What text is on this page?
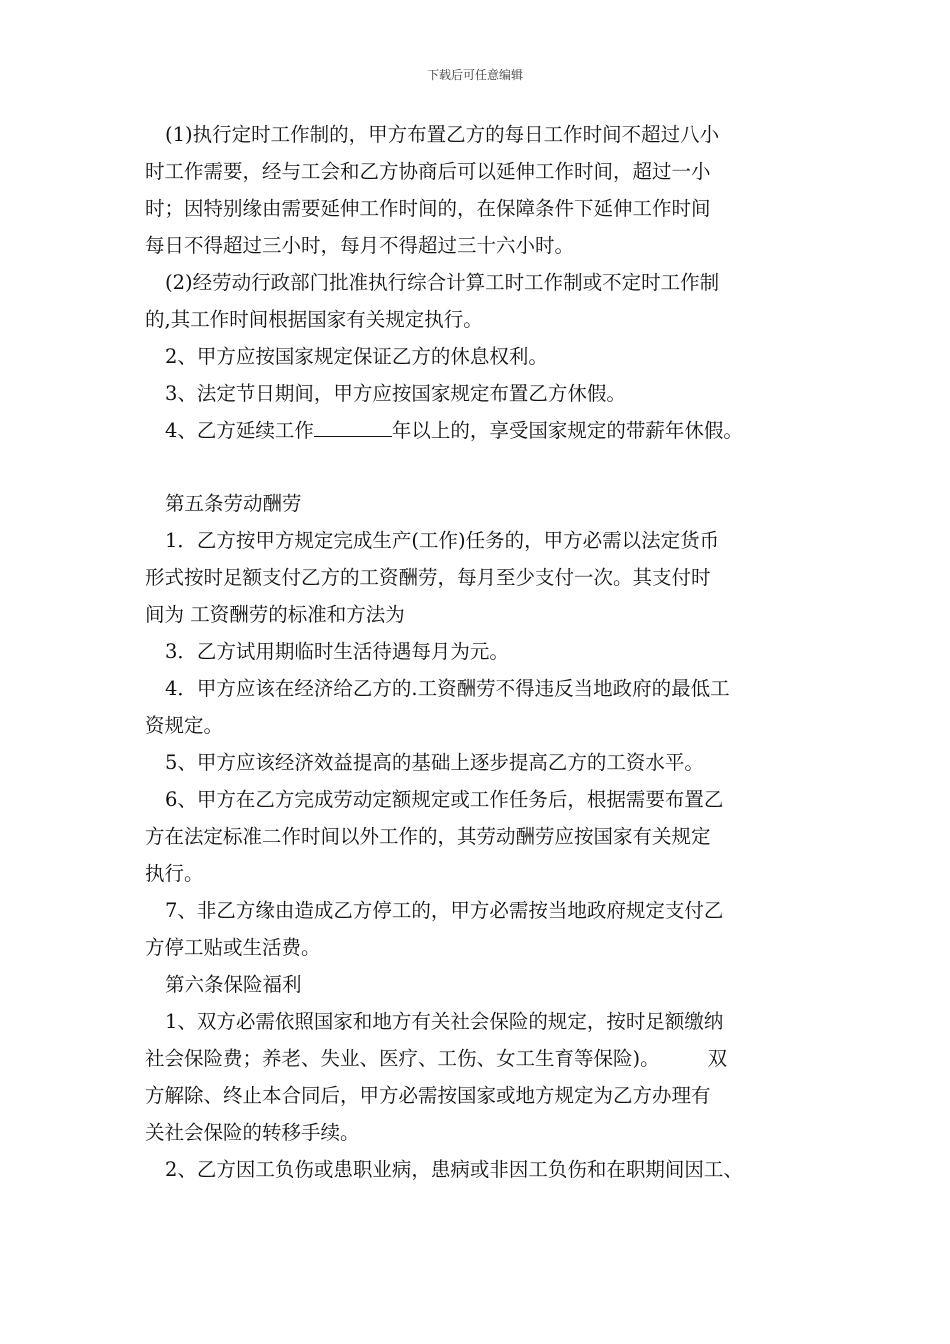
下载后可任意编辑
(1)执行定时工作制的，甲方布置乙方的每日工作时间不超过八小
时工作需要，经与工会和乙方协商后可以延伸工作时间，超过一小
时；因特别缘由需要延伸工作时间的，在保障条件下延伸工作时间
每日不得超过三小时，每月不得超过三十六小时。
(2)经劳动行政部门批准执行综合计算工时工作制或不定时工作制
的,其工作时间根据国家有关规定执行。
2、甲方应按国家规定保证乙方的休息权利。
3、法定节日期间，甲方应按国家规定布置乙方休假。
4、乙方延续工作	年以上的，享受国家规定的带薪年休假。
第五条劳动酬劳
1．乙方按甲方规定完成生产(工作)任务的，甲方必需以法定货币
形式按时足额支付乙方的工资酬劳，每月至少支付一次。其支付时
间为 工资酬劳的标准和方法为
3．乙方试用期临时生活待遇每月为元。
4．甲方应该在经济给乙方的.工资酬劳不得违反当地政府的最低工
资规定。
5、甲方应该经济效益提高的基础上逐步提高乙方的工资水平。
6、甲方在乙方完成劳动定额规定或工作任务后，根据需要布置乙
方在法定标准二作时间以外工作的，其劳动酬劳应按国家有关规定
执行。
7、非乙方缘由造成乙方停工的，甲方必需按当地政府规定支付乙
方停工贴或生活费。
第六条保险福利
1、双方必需依照国家和地方有关社会保险的规定，按时足额缴纳
社会保险费；养老、失业、医疗、工伤、女工生育等保险)。 双
方解除、终止本合同后，甲方必需按国家或地方规定为乙方办理有
关社会保险的转移手续。
2、乙方因工负伤或患职业病，患病或非因工负伤和在职期间因工、
